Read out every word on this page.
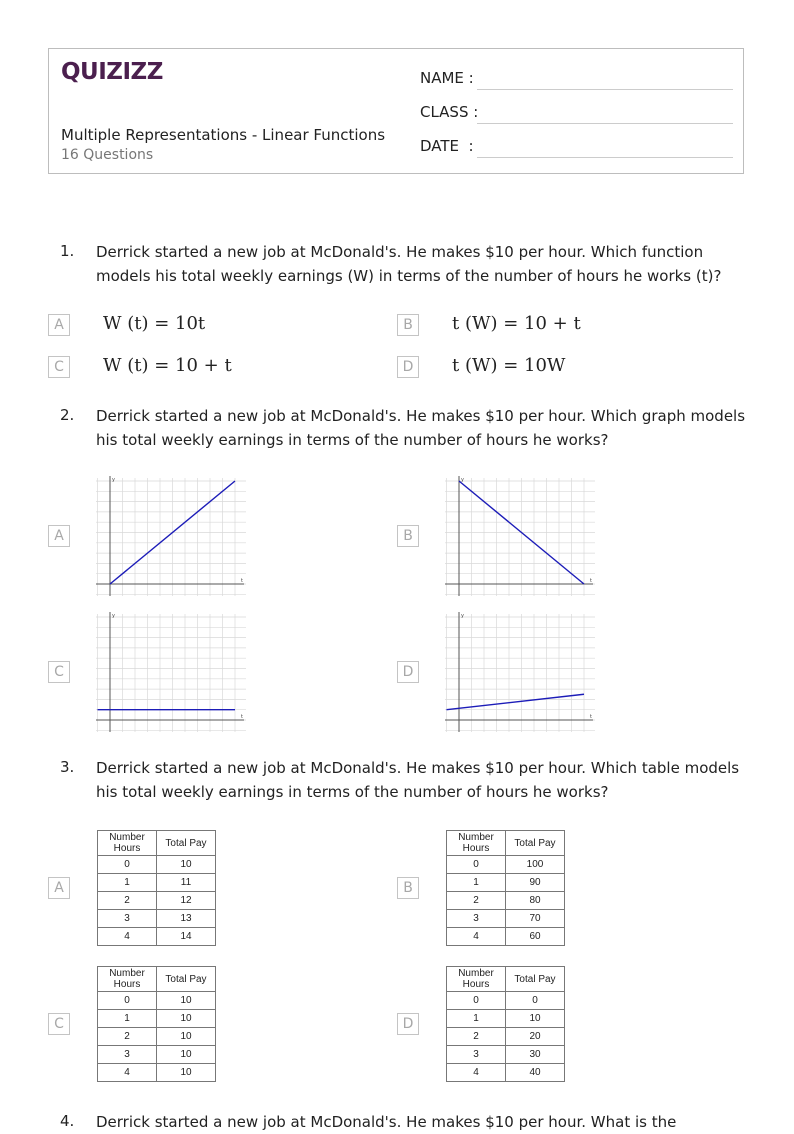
QUIZIZZ
Multiple Representations - Linear Functions
16 Questions
NAME :
CLASS :
DATE  :
1. Derrick started a new job at McDonald's. He makes $10 per hour. Which function models his total weekly earnings (W) in terms of the number of hours he works (t)?
A	W (t) = 10t	B	t (W) = 10 + t
C	W (t) = 10 + t	D	t (W) = 10W
2. Derrick started a new job at McDonald's. He makes $10 per hour. Which graph models his total weekly earnings in terms of the number of hours he works?
A
t
y
B
t
y
C
t
y
D
t
y
3. Derrick started a new job at McDonald's. He makes $10 per hour. Which table models his total weekly earnings in terms of the number of hours he works?
A
Number Hours	Total Pay
0	10
1	11
2	12
3	13
4	14
B
Number Hours	Total Pay
0	100
1	90
2	80
3	70
4	60
C
Number Hours	Total Pay
0	10
1	10
2	10
3	10
4	10
D
Number Hours	Total Pay
0	0
1	10
2	20
3	30
4	40
4. Derrick started a new job at McDonald's. He makes $10 per hour. What is the
